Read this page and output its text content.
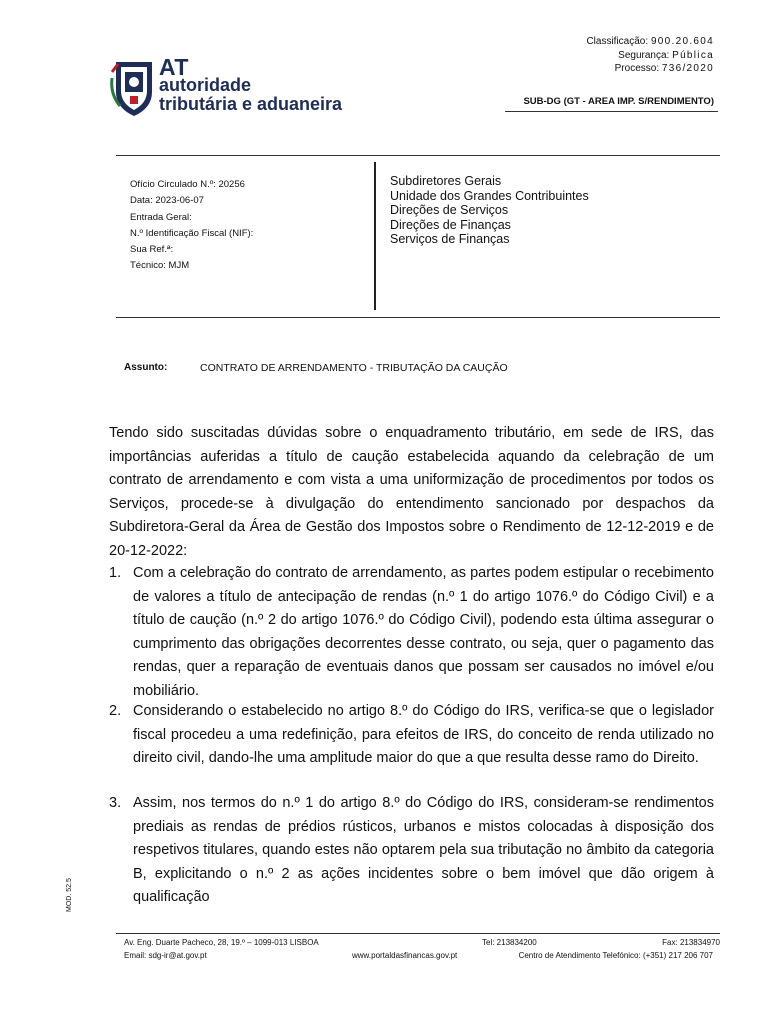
Classificação: 900.20.604
Segurança: Pública
Processo: 736/2020
SUB-DG (GT - AREA IMP. S/RENDIMENTO)
AT
autoridade
tributária e aduaneira
Ofício Circulado N.º: 20256
Data: 2023-06-07
Entrada Geral:
N.º Identificação Fiscal (NIF):
Sua Ref.ª:
Técnico: MJM
Subdiretores Gerais
Unidade dos Grandes Contribuintes
Direções de Serviços
Direções de Finanças
Serviços de Finanças
Assunto:	CONTRATO DE ARRENDAMENTO - TRIBUTAÇÃO DA CAUÇÃO
Tendo sido suscitadas dúvidas sobre o enquadramento tributário, em sede de IRS, das importâncias auferidas a título de caução estabelecida aquando da celebração de um contrato de arrendamento e com vista a uma uniformização de procedimentos por todos os Serviços, procede-se à divulgação do entendimento sancionado por despachos da Subdiretora-Geral da Área de Gestão dos Impostos sobre o Rendimento de 12-12-2019 e de 20-12-2022:
1. Com a celebração do contrato de arrendamento, as partes podem estipular o recebimento de valores a título de antecipação de rendas (n.º 1 do artigo 1076.º do Código Civil) e a título de caução (n.º 2 do artigo 1076.º do Código Civil), podendo esta última assegurar o cumprimento das obrigações decorrentes desse contrato, ou seja, quer o pagamento das rendas, quer a reparação de eventuais danos que possam ser causados no imóvel e/ou mobiliário.
2. Considerando o estabelecido no artigo 8.º do Código do IRS, verifica-se que o legislador fiscal procedeu a uma redefinição, para efeitos de IRS, do conceito de renda utilizado no direito civil, dando-lhe uma amplitude maior do que a que resulta desse ramo do Direito.
3. Assim, nos termos do n.º 1 do artigo 8.º do Código do IRS, consideram-se rendimentos prediais as rendas de prédios rústicos, urbanos e mistos colocadas à disposição dos respetivos titulares, quando estes não optarem pela sua tributação no âmbito da categoria B, explicitando o n.º 2 as ações incidentes sobre o bem imóvel que dão origem à qualificação
MOD. 52.5
Av. Eng. Duarte Pacheco, 28, 19.º – 1099-013 LISBOA	Tel: 213834200	Fax: 213834970
Email: sdg-ir@at.gov.pt	www.portaldasfinancas.gov.pt	Centro de Atendimento Telefónico: (+351) 217 206 707
